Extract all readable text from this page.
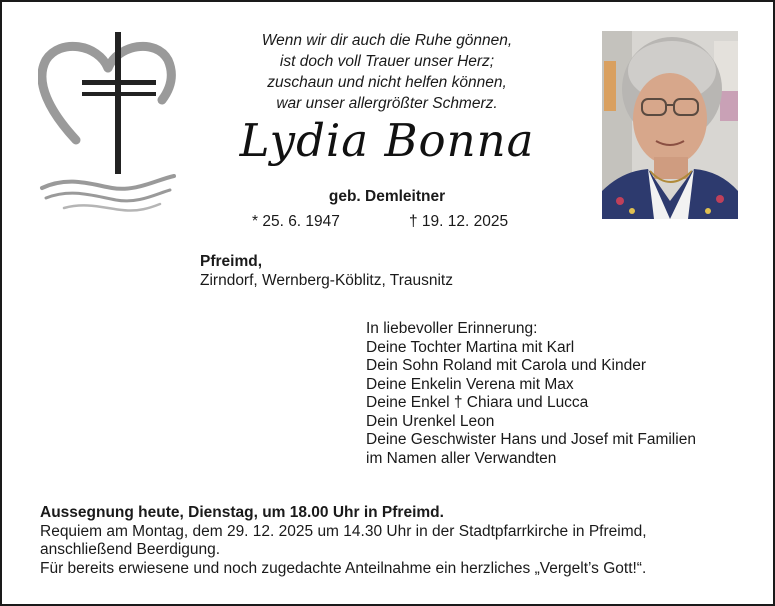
Wenn wir dir auch die Ruhe gönnen,
ist doch voll Trauer unser Herz;
zuschaun und nicht helfen können,
war unser allergrößter Schmerz.
Lydia Bonna
geb. Demleitner
* 25. 6. 1947	† 19. 12. 2025
Pfreimd,
Zirndorf, Wernberg-Köblitz, Trausnitz
In liebevoller Erinnerung:
Deine Tochter Martina mit Karl
Dein Sohn Roland mit Carola und Kinder
Deine Enkelin Verena mit Max
Deine Enkel † Chiara und Lucca
Dein Urenkel Leon
Deine Geschwister Hans und Josef mit Familien
im Namen aller Verwandten
Aussegnung heute, Dienstag, um 18.00 Uhr in Pfreimd.
Requiem am Montag, dem 29. 12. 2025 um 14.30 Uhr in der Stadtpfarrkirche in Pfreimd,
anschließend Beerdigung.
Für bereits erwiesene und noch zugedachte Anteilnahme ein herzliches „Vergelt’s Gott!“.
